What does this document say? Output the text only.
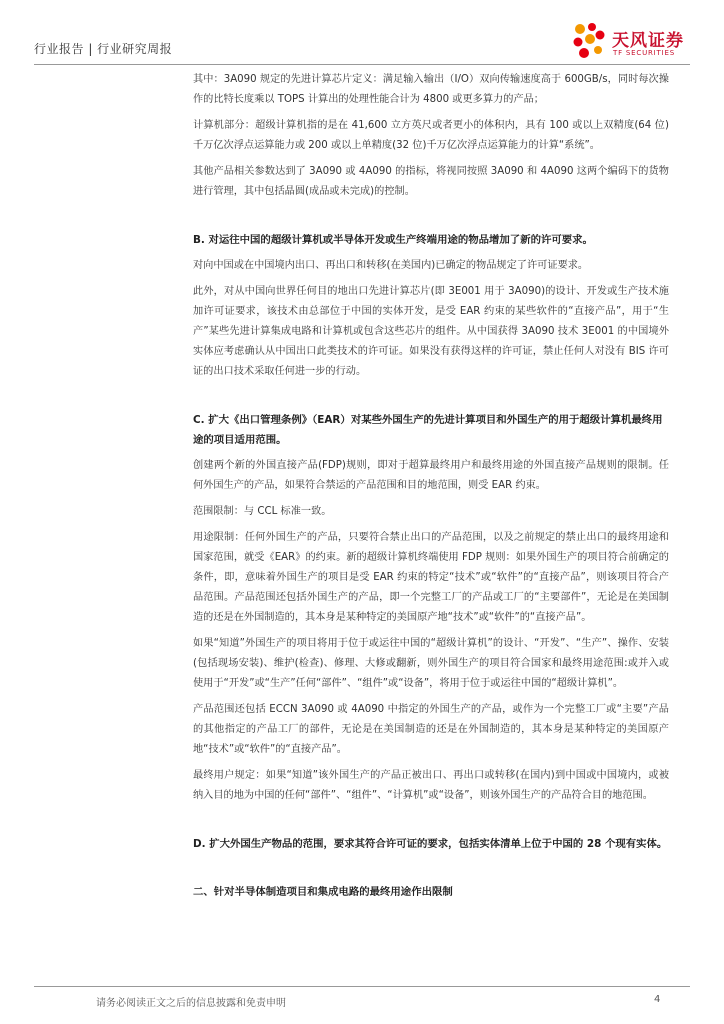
行业报告 | 行业研究周报	天风证券
TF SECURITIES

其中：3A090 规定的先进计算芯片定义：满足输入输出（I/O）双向传输速度高于 600GB/s，同时每次操作的比特长度乘以 TOPS 计算出的处理性能合计为 4800 或更多算力的产品；

计算机部分：超级计算机指的是在 41,600 立方英尺或者更小的体积内，具有 100 或以上双精度(64 位)千万亿次浮点运算能力或 200 或以上单精度(32 位)千万亿次浮点运算能力的计算“系统”。

其他产品相关参数达到了 3A090 或 4A090 的指标，将视同按照 3A090 和 4A090 这两个编码下的货物进行管理，其中包括晶圆(成品或未完成)的控制。

B. 对运往中国的超级计算机或半导体开发或生产终端用途的物品增加了新的许可要求。

对向中国或在中国境内出口、再出口和转移(在美国内)已确定的物品规定了许可证要求。

此外，对从中国向世界任何目的地出口先进计算芯片(即 3E001 用于 3A090)的设计、开发或生产技术施加许可证要求，该技术由总部位于中国的实体开发，是受 EAR 约束的某些软件的“直接产品”，用于“生产”某些先进计算集成电路和计算机或包含这些芯片的组件。从中国获得 3A090 技术 3E001 的中国境外实体应考虑确认从中国出口此类技术的许可证。如果没有获得这样的许可证，禁止任何人对没有 BIS 许可证的出口技术采取任何进一步的行动。

C. 扩大《出口管理条例》（EAR）对某些外国生产的先进计算项目和外国生产的用于超级计算机最终用途的项目适用范围。

创建两个新的外国直接产品(FDP)规则，即对于超算最终用户和最终用途的外国直接产品规则的限制。任何外国生产的产品，如果符合禁运的产品范围和目的地范围，则受 EAR 约束。

范围限制：与 CCL 标准一致。

用途限制：任何外国生产的产品，只要符合禁止出口的产品范围，以及之前规定的禁止出口的最终用途和国家范围，就受《EAR》的约束。新的超级计算机终端使用 FDP 规则：如果外国生产的项目符合前确定的条件，即，意味着外国生产的项目是受 EAR 约束的特定“技术”或“软件”的“直接产品”，则该项目符合产品范围。产品范围还包括外国生产的产品，即一个完整工厂的产品或工厂的“主要部件”，无论是在美国制造的还是在外国制造的，其本身是某种特定的美国原产地“技术”或“软件”的“直接产品”。

如果“知道”外国生产的项目将用于位于或运往中国的“超级计算机”的设计、“开发”、“生产”、操作、安装(包括现场安装)、维护(检查)、修理、大修或翻新，则外国生产的项目符合国家和最终用途范围:或并入或使用于“开发”或“生产”任何“部件”、“组件”或“设备”，将用于位于或运往中国的“超级计算机”。

产品范围还包括 ECCN 3A090 或 4A090 中指定的外国生产的产品，或作为一个完整工厂或“主要”产品的其他指定的产品工厂的部件，无论是在美国制造的还是在外国制造的，其本身是某种特定的美国原产地“技术”或“软件”的“直接产品”。

最终用户规定：如果“知道”该外国生产的产品正被出口、再出口或转移(在国内)到中国或中国境内，或被纳入目的地为中国的任何“部件”、“组件”、“计算机”或“设备”，则该外国生产的产品符合目的地范围。

D. 扩大外国生产物品的范围，要求其符合许可证的要求，包括实体清单上位于中国的 28 个现有实体。

二、针对半导体制造项目和集成电路的最终用途作出限制

请务必阅读正文之后的信息披露和免责申明	4
